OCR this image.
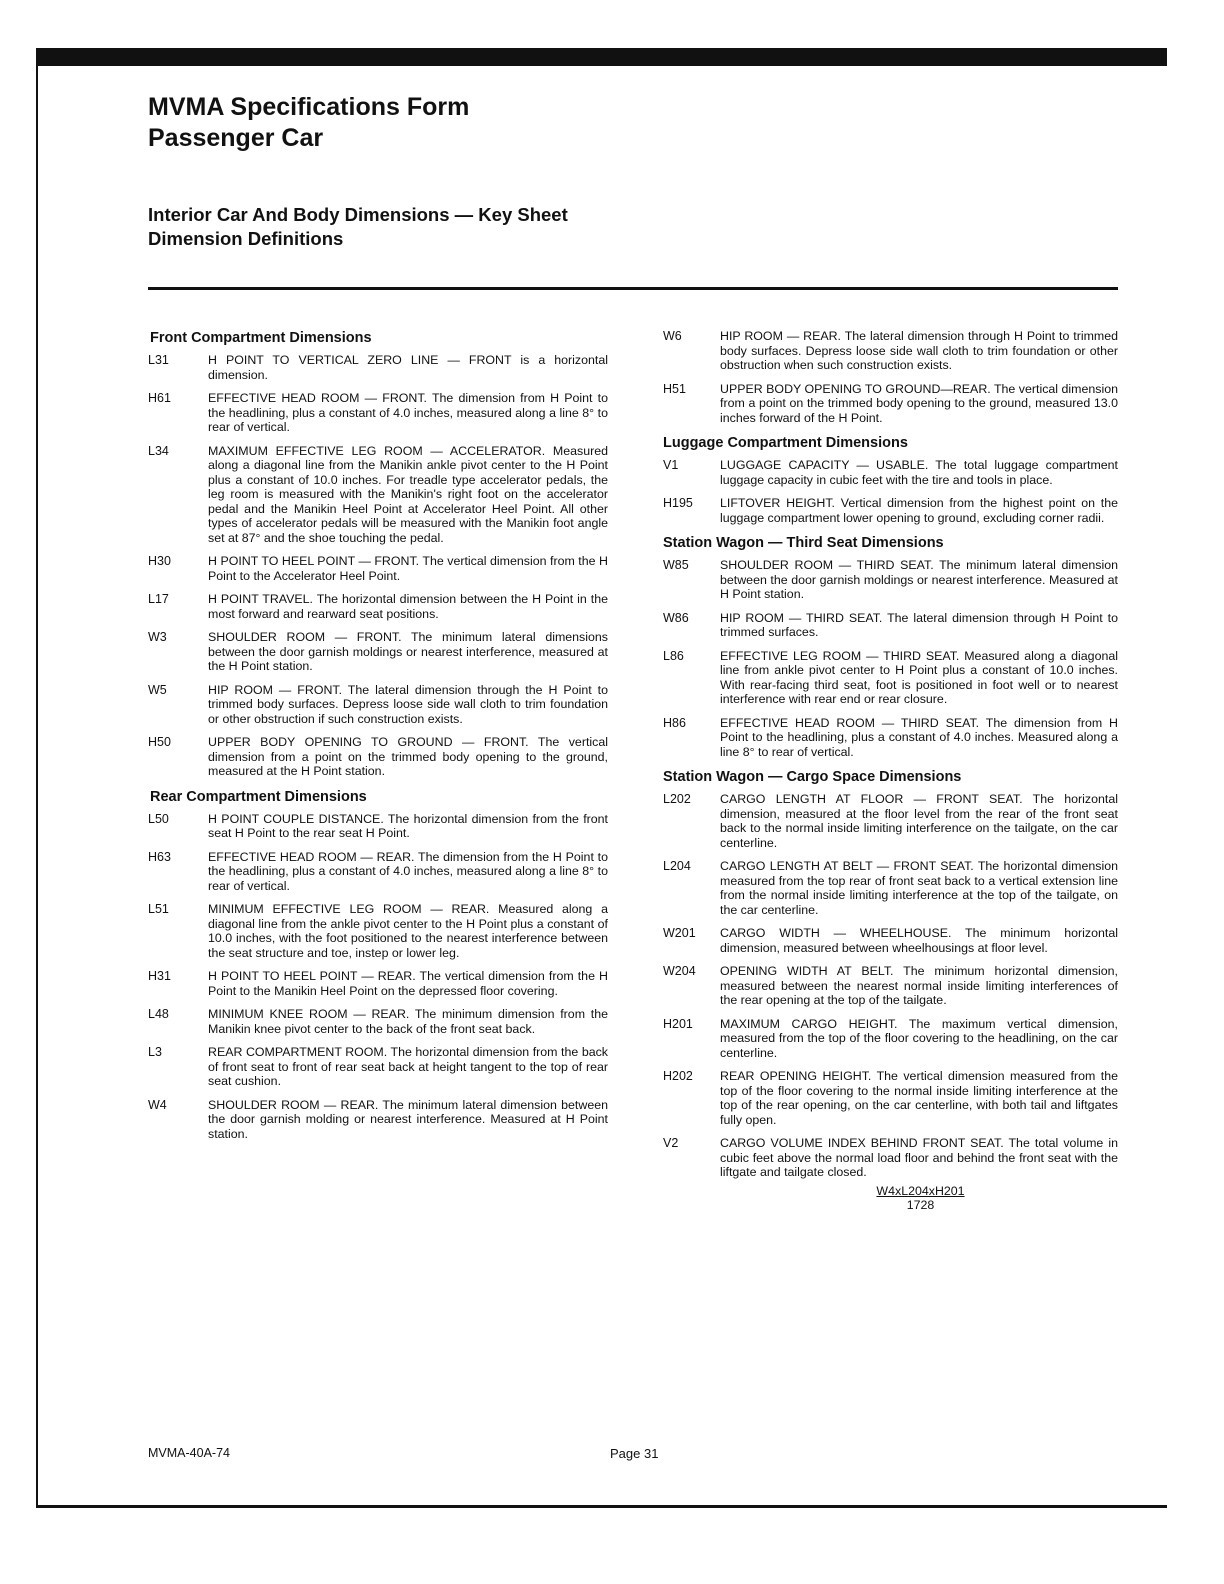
MVMA Specifications Form
Passenger Car
Interior Car And Body Dimensions — Key Sheet
Dimension Definitions
Front Compartment Dimensions
L31	H POINT TO VERTICAL ZERO LINE — FRONT is a horizontal dimension.
H61	EFFECTIVE HEAD ROOM — FRONT. The dimension from H Point to the headlining, plus a constant of 4.0 inches, measured along a line 8° to rear of vertical.
L34	MAXIMUM EFFECTIVE LEG ROOM — ACCELERATOR. Measured along a diagonal line from the Manikin ankle pivot center to the H Point plus a constant of 10.0 inches. For treadle type accelerator pedals, the leg room is measured with the Manikin's right foot on the accelerator pedal and the Manikin Heel Point at Accelerator Heel Point. All other types of accelerator pedals will be measured with the Manikin foot angle set at 87° and the shoe touching the pedal.
H30	H POINT TO HEEL POINT — FRONT. The vertical dimension from the H Point to the Accelerator Heel Point.
L17	H POINT TRAVEL. The horizontal dimension between the H Point in the most forward and rearward seat positions.
W3	SHOULDER ROOM — FRONT. The minimum lateral dimensions between the door garnish moldings or nearest interference, measured at the H Point station.
W5	HIP ROOM — FRONT. The lateral dimension through the H Point to trimmed body surfaces. Depress loose side wall cloth to trim foundation or other obstruction if such construction exists.
H50	UPPER BODY OPENING TO GROUND — FRONT. The vertical dimension from a point on the trimmed body opening to the ground, measured at the H Point station.
Rear Compartment Dimensions
L50	H POINT COUPLE DISTANCE. The horizontal dimension from the front seat H Point to the rear seat H Point.
H63	EFFECTIVE HEAD ROOM — REAR. The dimension from the H Point to the headlining, plus a constant of 4.0 inches, measured along a line 8° to rear of vertical.
L51	MINIMUM EFFECTIVE LEG ROOM — REAR. Measured along a diagonal line from the ankle pivot center to the H Point plus a constant of 10.0 inches, with the foot positioned to the nearest interference between the seat structure and toe, instep or lower leg.
H31	H POINT TO HEEL POINT — REAR. The vertical dimension from the H Point to the Manikin Heel Point on the depressed floor covering.
L48	MINIMUM KNEE ROOM — REAR. The minimum dimension from the Manikin knee pivot center to the back of the front seat back.
L3	REAR COMPARTMENT ROOM. The horizontal dimension from the back of front seat to front of rear seat back at height tangent to the top of rear seat cushion.
W4	SHOULDER ROOM — REAR. The minimum lateral dimension between the door garnish molding or nearest interference. Measured at H Point station.
W6	HIP ROOM — REAR. The lateral dimension through H Point to trimmed body surfaces. Depress loose side wall cloth to trim foundation or other obstruction when such construction exists.
H51	UPPER BODY OPENING TO GROUND—REAR. The vertical dimension from a point on the trimmed body opening to the ground, measured 13.0 inches forward of the H Point.
Luggage Compartment Dimensions
V1	LUGGAGE CAPACITY — USABLE. The total luggage compartment luggage capacity in cubic feet with the tire and tools in place.
H195	LIFTOVER HEIGHT. Vertical dimension from the highest point on the luggage compartment lower opening to ground, excluding corner radii.
Station Wagon — Third Seat Dimensions
W85	SHOULDER ROOM — THIRD SEAT. The minimum lateral dimension between the door garnish moldings or nearest interference. Measured at H Point station.
W86	HIP ROOM — THIRD SEAT. The lateral dimension through H Point to trimmed surfaces.
L86	EFFECTIVE LEG ROOM — THIRD SEAT. Measured along a diagonal line from ankle pivot center to H Point plus a constant of 10.0 inches. With rear-facing third seat, foot is positioned in foot well or to nearest interference with rear end or rear closure.
H86	EFFECTIVE HEAD ROOM — THIRD SEAT. The dimension from H Point to the headlining, plus a constant of 4.0 inches. Measured along a line 8° to rear of vertical.
Station Wagon — Cargo Space Dimensions
L202	CARGO LENGTH AT FLOOR — FRONT SEAT. The horizontal dimension, measured at the floor level from the rear of the front seat back to the normal inside limiting interference on the tailgate, on the car centerline.
L204	CARGO LENGTH AT BELT — FRONT SEAT. The horizontal dimension measured from the top rear of front seat back to a vertical extension line from the normal inside limiting interference at the top of the tailgate, on the car centerline.
W201	CARGO WIDTH — WHEELHOUSE. The minimum horizontal dimension, measured between wheelhousings at floor level.
W204	OPENING WIDTH AT BELT. The minimum horizontal dimension, measured between the nearest normal inside limiting interferences of the rear opening at the top of the tailgate.
H201	MAXIMUM CARGO HEIGHT. The maximum vertical dimension, measured from the top of the floor covering to the headlining, on the car centerline.
H202	REAR OPENING HEIGHT. The vertical dimension measured from the top of the floor covering to the normal inside limiting interference at the top of the rear opening, on the car centerline, with both tail and liftgates fully open.
V2	CARGO VOLUME INDEX BEHIND FRONT SEAT. The total volume in cubic feet above the normal load floor and behind the front seat with the liftgate and tailgate closed.
W4xL204xH201
1728
MVMA-40A-74	Page 31
